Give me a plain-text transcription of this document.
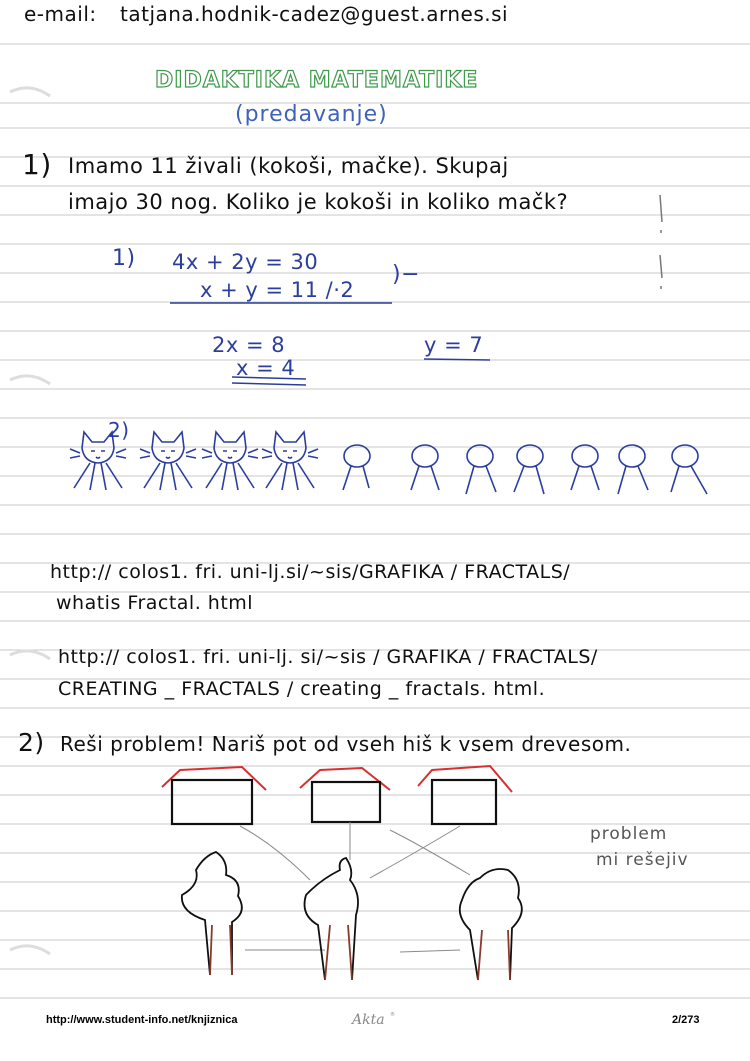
e-mail: tatjana.hodnik-cadez@guest.arnes.si
DIDAKTIKA MATEMATIKE
(predavanje)
1) Imamo 11 živali (kokoši, mačke). Skupaj
imajo 30 nog. Koliko je kokoši in koliko mačk?
1) 4x + 2y = 30
x + y = 11 /·2
)−
2x = 8
x = 4
y = 7
2)
http:// colos1. fri. uni-lj.si/~sis/GRAFIKA / FRACTALS/
whatis Fractal. html
http:// colos1. fri. uni-lj. si/~sis / GRAFIKA / FRACTALS/
CREATING _ FRACTALS / creating _ fractals. html.
2) Reši problem! Nariš pot od vseh hiš k vsem drevesom.
problem
mi rešejiv
http://www.student-info.net/knjiznica	Akta ®	2/273
